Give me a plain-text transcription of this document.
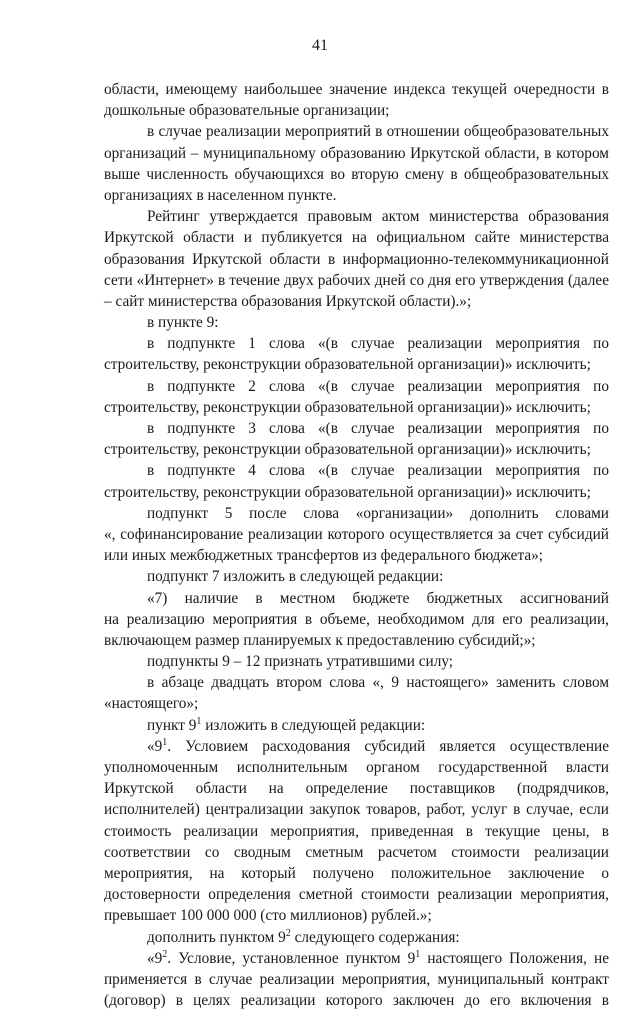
41
области, имеющему наибольшее значение индекса текущей очередности в
дошкольные образовательные организации;
в случае реализации мероприятий в отношении общеобразовательных
организаций – муниципальному образованию Иркутской области, в котором
выше численность обучающихся во вторую смену в общеобразовательных
организациях в населенном пункте.
Рейтинг утверждается правовым актом министерства образования
Иркутской области и публикуется на официальном сайте министерства
образования Иркутской области в информационно-телекоммуникационной
сети «Интернет» в течение двух рабочих дней со дня его утверждения (далее
– сайт министерства образования Иркутской области).»;
в пункте 9:
в подпункте 1 слова «(в случае реализации мероприятия по
строительству, реконструкции образовательной организации)» исключить;
в подпункте 2 слова «(в случае реализации мероприятия по
строительству, реконструкции образовательной организации)» исключить;
в подпункте 3 слова «(в случае реализации мероприятия по
строительству, реконструкции образовательной организации)» исключить;
в подпункте 4 слова «(в случае реализации мероприятия по
строительству, реконструкции образовательной организации)» исключить;
подпункт 5 после слова «организации» дополнить словами
«, софинансирование реализации которого осуществляется за счет субсидий
или иных межбюджетных трансфертов из федерального бюджета»;
подпункт 7 изложить в следующей редакции:
«7) наличие в местном бюджете бюджетных ассигнований
на реализацию мероприятия в объеме, необходимом для его реализации,
включающем размер планируемых к предоставлению субсидий;»;
подпункты 9 – 12 признать утратившими силу;
в абзаце двадцать втором слова «, 9 настоящего» заменить словом
«настоящего»;
пункт $9^1$ изложить в следующей редакции:
«$9^1$. Условием расходования субсидий является осуществление
уполномоченным исполнительным органом государственной власти
Иркутской области на определение поставщиков (подрядчиков,
исполнителей) централизации закупок товаров, работ, услуг в случае, если
стоимость реализации мероприятия, приведенная в текущие цены, в
соответствии со сводным сметным расчетом стоимости реализации
мероприятия, на который получено положительное заключение о
достоверности определения сметной стоимости реализации мероприятия,
превышает 100 000 000 (сто миллионов) рублей.»;
дополнить пунктом $9^2$ следующего содержания:
«$9^2$. Условие, установленное пунктом $9^1$ настоящего Положения, не
применяется в случае реализации мероприятия, муниципальный контракт
(договор) в целях реализации которого заключен до его включения в
